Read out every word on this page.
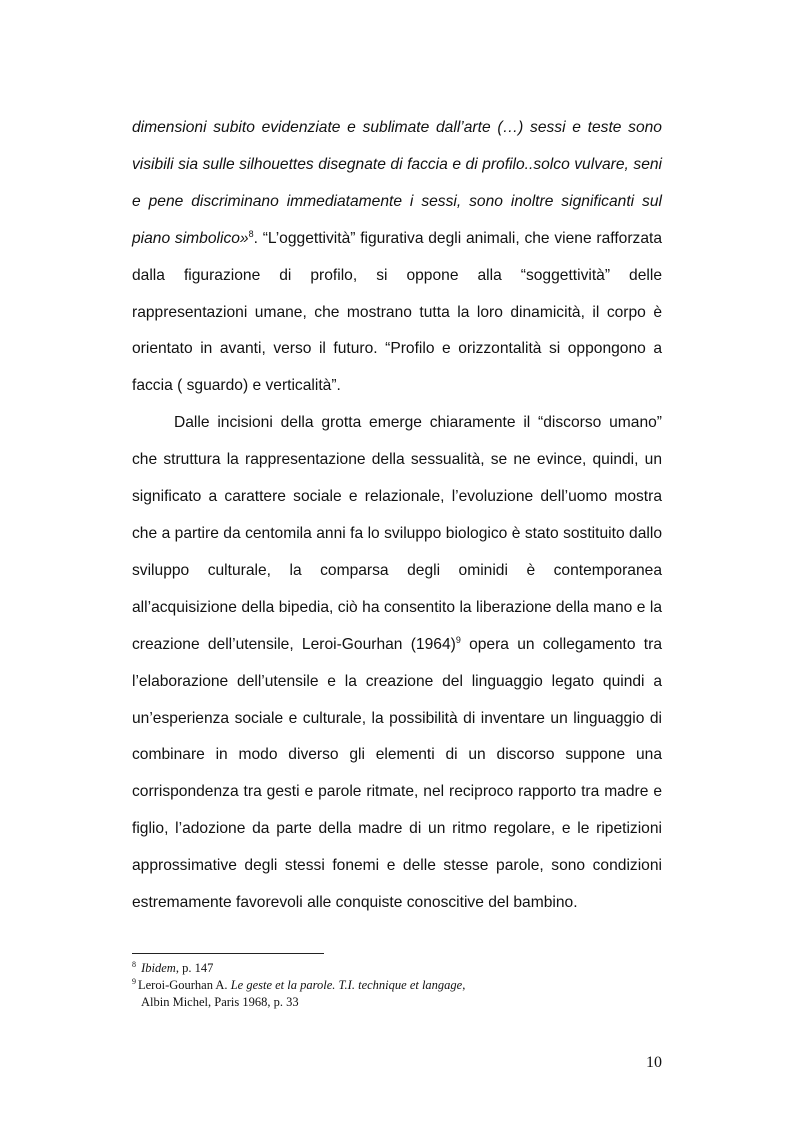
dimensioni subito evidenziate e sublimate dall’arte (…) sessi e teste sono visibili sia sulle silhouettes disegnate di faccia e di profilo..solco vulvare, seni e pene discriminano immediatamente i sessi, sono inoltre significanti sul piano simbolico»$^8$. “L’oggettività” figurativa degli animali, che viene rafforzata dalla figurazione di profilo, si oppone alla “soggettività” delle rappresentazioni umane, che mostrano tutta la loro dinamicità, il corpo è orientato in avanti, verso il futuro. “Profilo e orizzontalità si oppongono a faccia ( sguardo) e verticalità”.

Dalle incisioni della grotta emerge chiaramente il “discorso umano” che struttura la rappresentazione della sessualità, se ne evince, quindi, un significato a carattere sociale e relazionale, l’evoluzione dell’uomo mostra che a partire da centomila anni fa lo sviluppo biologico è stato sostituito dallo sviluppo culturale, la comparsa degli ominidi è contemporanea all’acquisizione della bipedia, ciò ha consentito la liberazione della mano e la creazione dell’utensile, Leroi-Gourhan $(1964)^9$ opera un collegamento tra l’elaborazione dell’utensile e la creazione del linguaggio legato quindi a un’esperienza sociale e culturale, la possibilità di inventare un linguaggio di combinare in modo diverso gli elementi di un discorso suppone una corrispondenza tra gesti e parole ritmate, nel reciproco rapporto tra madre e figlio, l’adozione da parte della madre di un ritmo regolare, e le ripetizioni approssimative degli stessi fonemi e delle stesse parole, sono condizioni estremamente favorevoli alle conquiste conoscitive del bambino.

$^8$ Ibidem, p. 147

$^9$ Leroi-Gourhan A. Le geste et la parole. T.I. technique et langage,
Albin Michel, Paris 1968, p. 33

10
